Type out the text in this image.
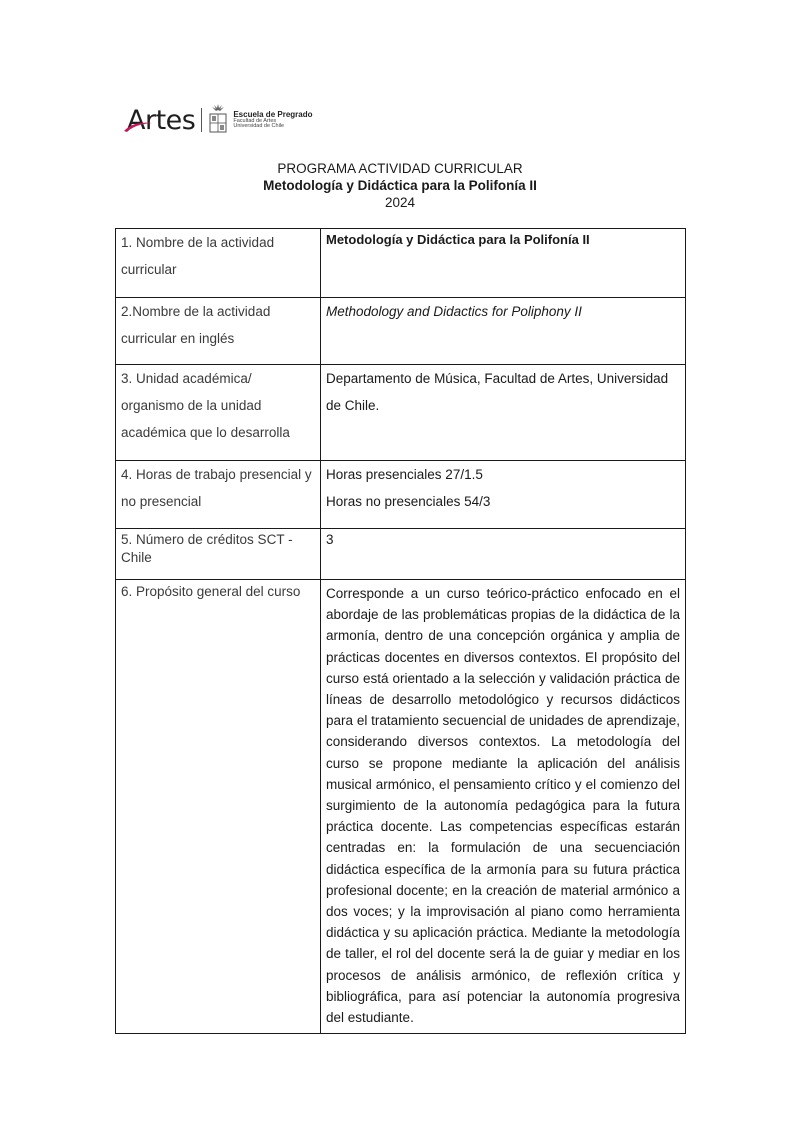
Artes	Escuela de Pregrado
Facultad de Artes
Universidad de Chile
PROGRAMA ACTIVIDAD CURRICULAR
Metodología y Didáctica para la Polifonía II
2024
1. Nombre de la actividad curricular	Metodología y Didáctica para la Polifonía II

2.Nombre de la actividad curricular en inglés	Methodology and Didactics for Poliphony II
3. Unidad académica/ organismo de la unidad académica que lo desarrolla	Departamento de Música, Facultad de Artes, Universidad de Chile.
4. Horas de trabajo presencial y no presencial	Horas presenciales 27/1.5
Horas no presenciales 54/3

5. Número de créditos SCT - Chile	3
6. Propósito general del curso	Corresponde a un curso teórico-práctico enfocado en el abordaje de las problemáticas propias de la didáctica de la armonía, dentro de una concepción orgánica y amplia de prácticas docentes en diversos contextos. El propósito del curso está orientado a la selección y validación práctica de líneas de desarrollo metodológico y recursos didácticos para el tratamiento secuencial de unidades de aprendizaje, considerando diversos contextos. La metodología del curso se propone mediante la aplicación del análisis musical armónico, el pensamiento crítico y el comienzo del surgimiento de la autonomía pedagógica para la futura práctica docente. Las competencias específicas estarán centradas en: la formulación de una secuenciación didáctica específica de la armonía para su futura práctica profesional docente; en la creación de material armónico a dos voces; y la improvisación al piano como herramienta didáctica y su aplicación práctica. Mediante la metodología de taller, el rol del docente será la de guiar y mediar en los procesos de análisis armónico, de reflexión crítica y bibliográfica, para así potenciar la autonomía progresiva del estudiante.
